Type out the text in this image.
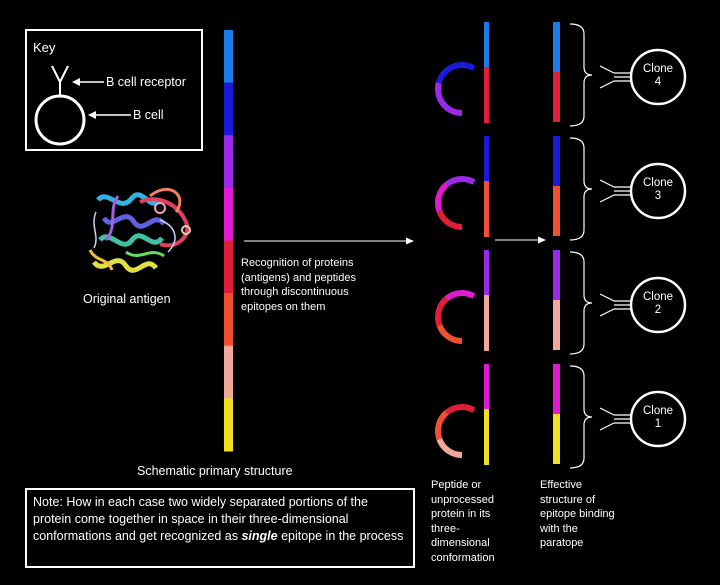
Key
B cell receptor
B cell
Original antigen
Schematic primary structure
Recognition of proteins (antigens) and peptides through discontinuous epitopes on them
Peptide or unprocessed protein in its three-dimensional conformation
Effective structure of epitope binding with the paratope
Clone
4
Clone
3
Clone
2
Clone
1
Note: How in each case two widely separated portions of the protein come together in space in their three-dimensional conformations and get recognized as single epitope in the process
